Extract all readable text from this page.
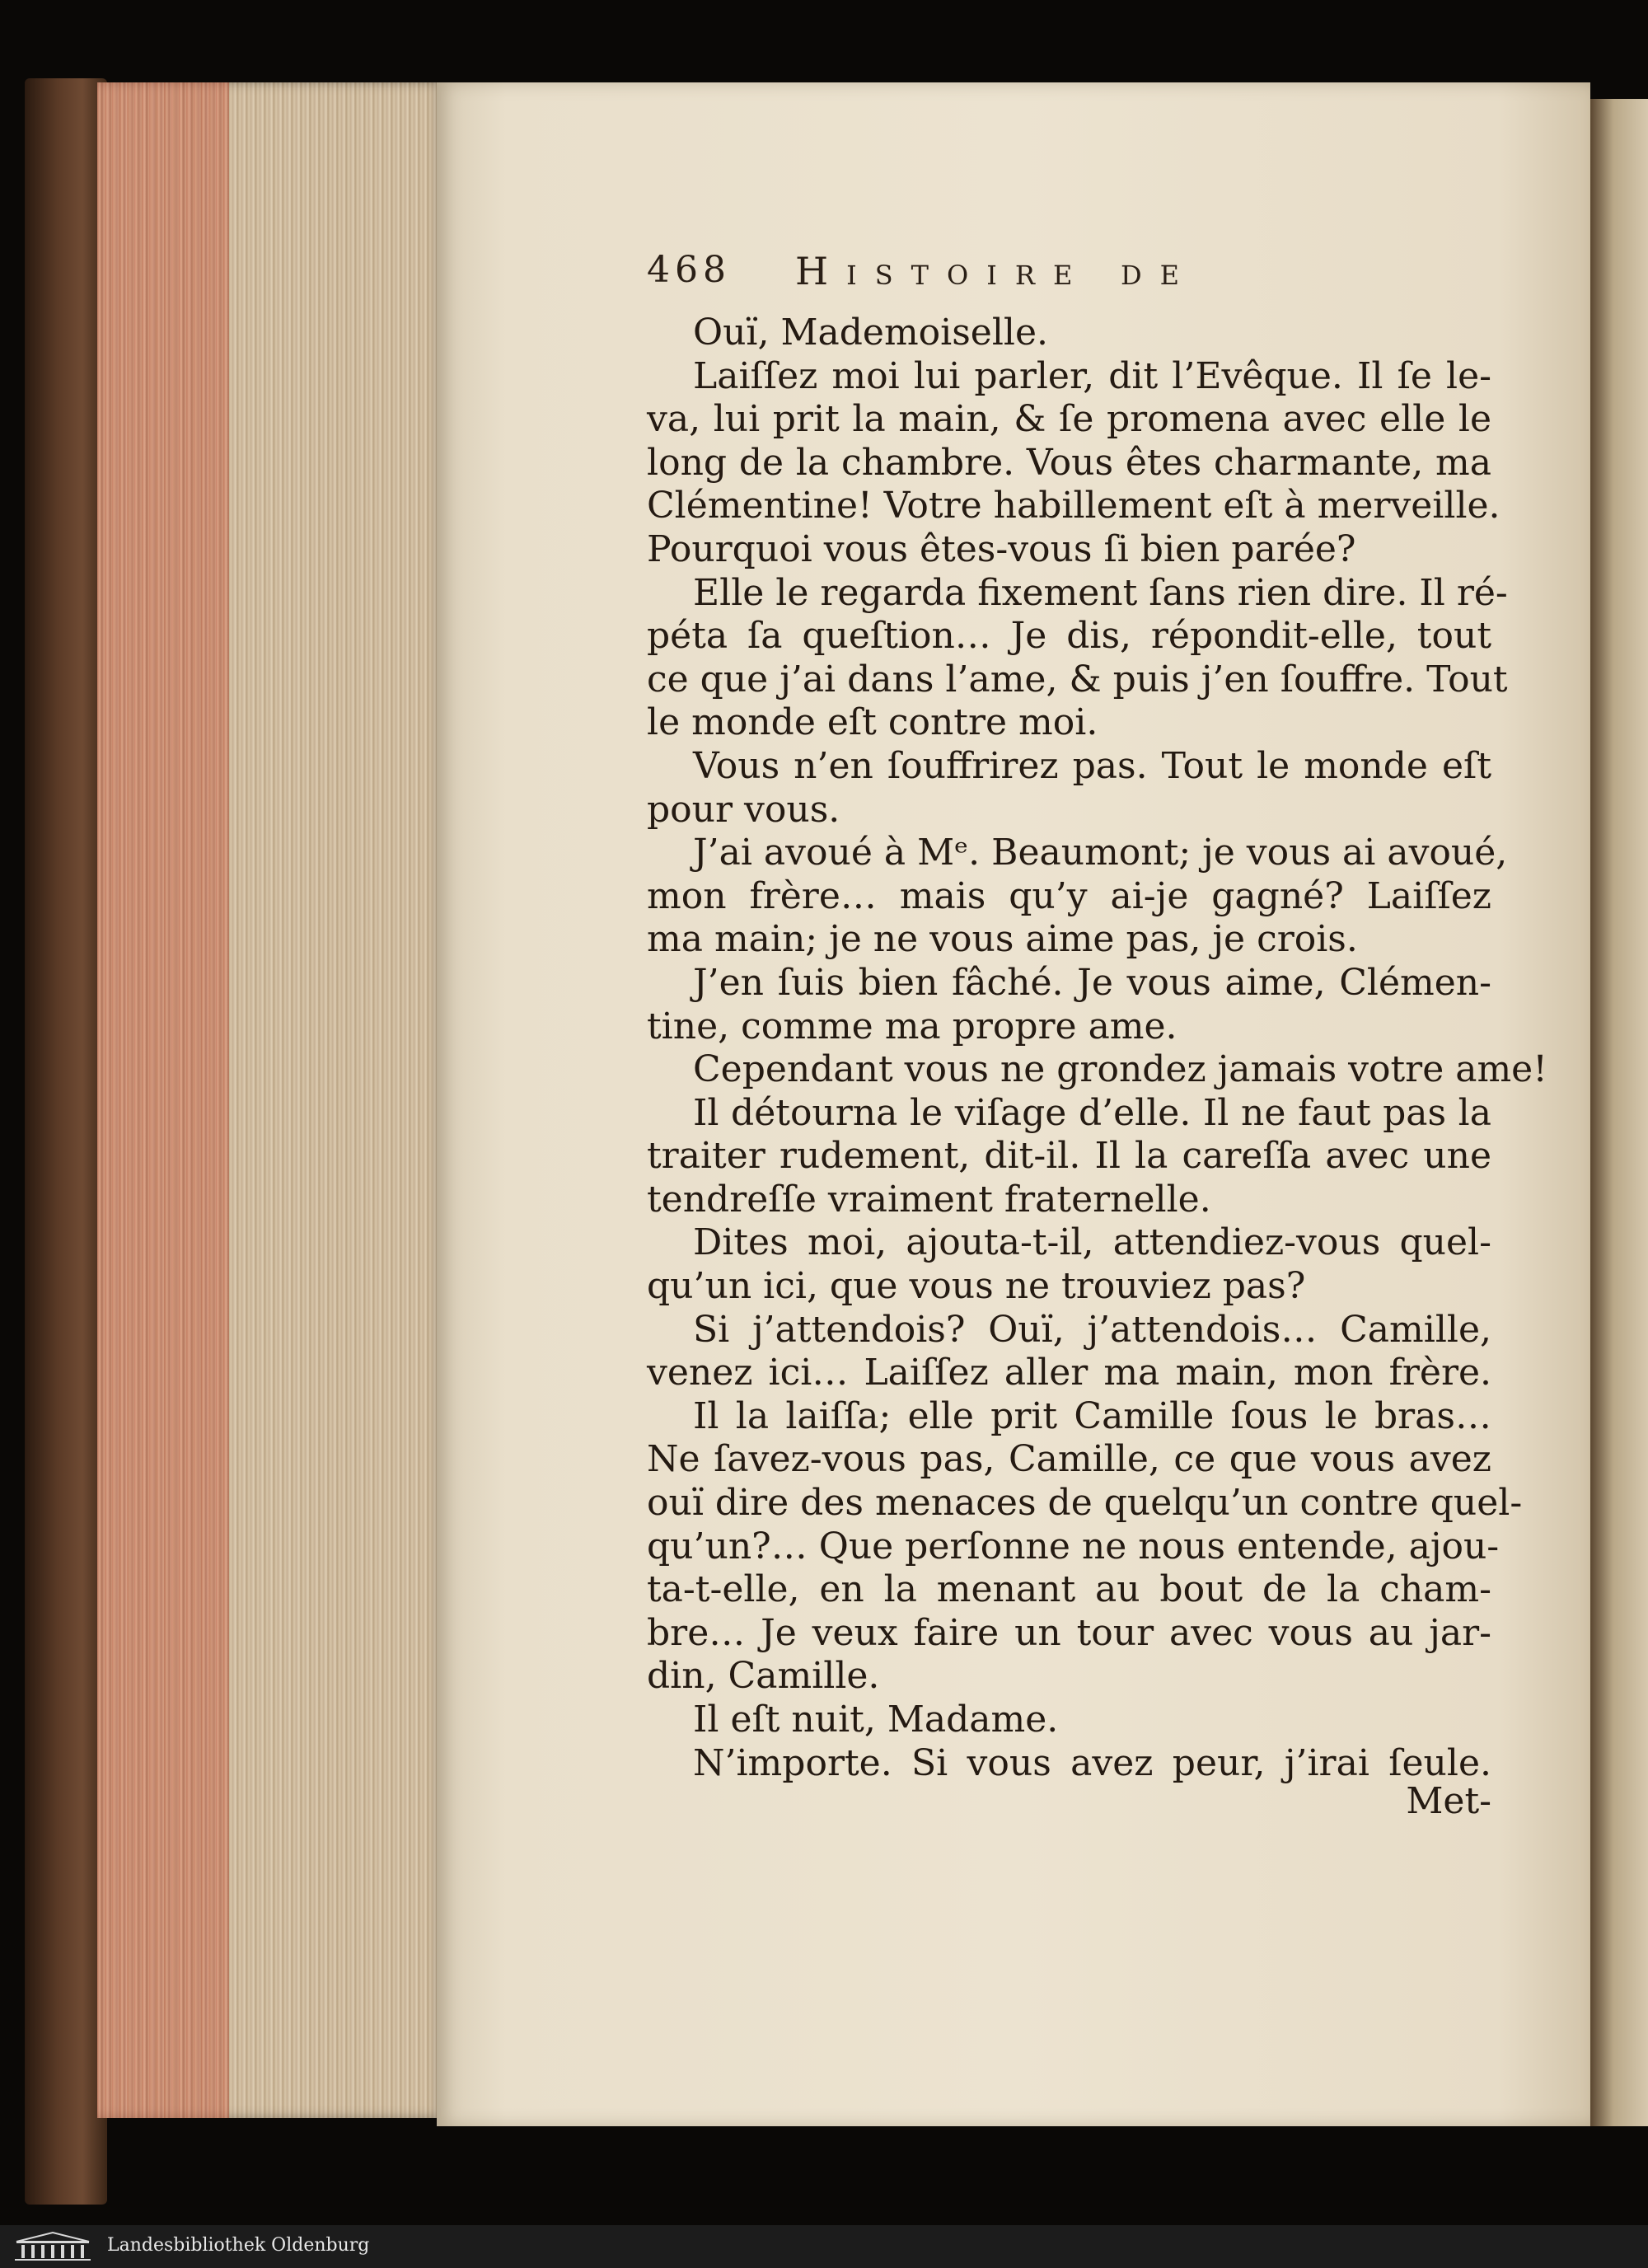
468 Histoire de
Ouï, Mademoiselle.
Laiſſez moi lui parler, dit l’Evêque. Il ſe le-
va, lui prit la main, & ſe promena avec elle le
long de la chambre. Vous êtes charmante, ma
Clémentine! Votre habillement eſt à merveille.
Pourquoi vous êtes-vous ſi bien parée?
Elle le regarda fixement ſans rien dire. Il ré-
péta ſa queſtion… Je dis, répondit-elle, tout
ce que j’ai dans l’ame, & puis j’en ſouffre. Tout
le monde eſt contre moi.
Vous n’en ſouffrirez pas. Tout le monde eſt
pour vous.
J’ai avoué à Mᵉ. Beaumont; je vous ai avoué,
mon frère… mais qu’y ai-je gagné? Laiſſez
ma main; je ne vous aime pas, je crois.
J’en ſuis bien fâché. Je vous aime, Clémen-
tine, comme ma propre ame.
Cependant vous ne grondez jamais votre ame!
Il détourna le viſage d’elle. Il ne faut pas la
traiter rudement, dit-il. Il la careſſa avec une
tendreſſe vraiment fraternelle.
Dites moi, ajouta-t-il, attendiez-vous quel-
qu’un ici, que vous ne trouviez pas?
Si j’attendois? Ouï, j’attendois… Camille,
venez ici… Laiſſez aller ma main, mon frère.
Il la laiſſa; elle prit Camille ſous le bras…
Ne ſavez-vous pas, Camille, ce que vous avez
ouï dire des menaces de quelqu’un contre quel-
qu’un?… Que perſonne ne nous entende, ajou-
ta-t-elle, en la menant au bout de la cham-
bre… Je veux faire un tour avec vous au jar-
din, Camille.
Il eſt nuit, Madame.
N’importe. Si vous avez peur, j’irai ſeule.
Met-
Landesbibliothek Oldenburg
